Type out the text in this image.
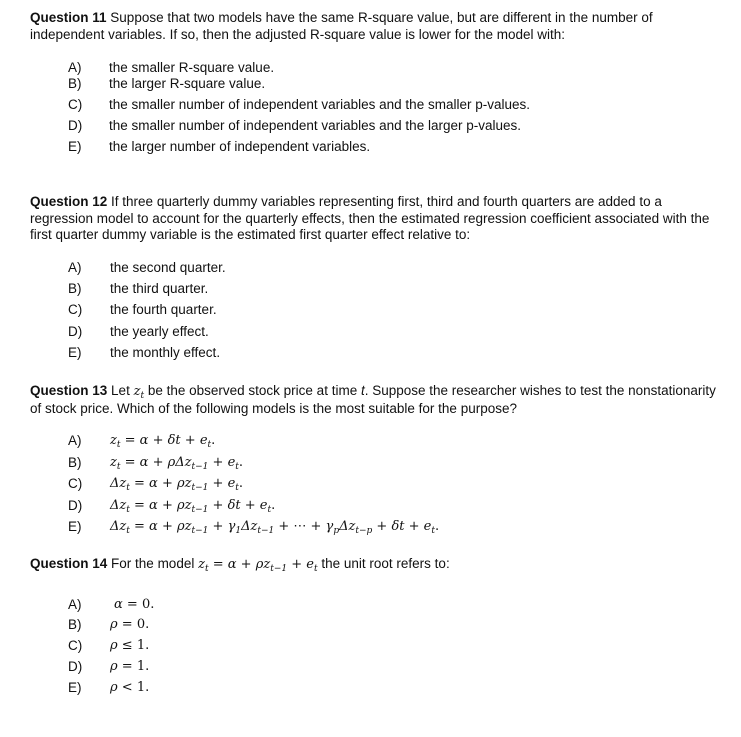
Question 11 Suppose that two models have the same R-square value, but are different in the number of independent variables. If so, then the adjusted R-square value is lower for the model with:
A) the smaller R-square value.
B) the larger R-square value.
C) the smaller number of independent variables and the smaller p-values.
D) the smaller number of independent variables and the larger p-values.
E) the larger number of independent variables.
Question 12 If three quarterly dummy variables representing first, third and fourth quarters are added to a regression model to account for the quarterly effects, then the estimated regression coefficient associated with the first quarter dummy variable is the estimated first quarter effect relative to:
A) the second quarter.
B) the third quarter.
C) the fourth quarter.
D) the yearly effect.
E) the monthly effect.
Question 13 Let $z_t$ be the observed stock price at time t. Suppose the researcher wishes to test the nonstationarity of stock price. Which of the following models is the most suitable for the purpose?
A) $z_t = \alpha + \delta t + e_t$.
B) $z_t = \alpha + \rho\Delta z_{t-1} + e_t$.
C) $\Delta z_t = \alpha + \rho z_{t-1} + e_t$.
D) $\Delta z_t = \alpha + \rho z_{t-1} + \delta t + e_t$.
E) $\Delta z_t = \alpha + \rho z_{t-1} + \gamma_1\Delta z_{t-1}$ + ⋯ + $\gamma_p\Delta z_{t-p} + \delta t + e_t$.
Question 14 For the model $z_t = \alpha + \rho z_{t-1} + e_t$ the unit root refers to:
A)	α = 0.
B) ρ = 0.
C) ρ ≤ 1.
D) ρ = 1.
E) ρ < 1.
